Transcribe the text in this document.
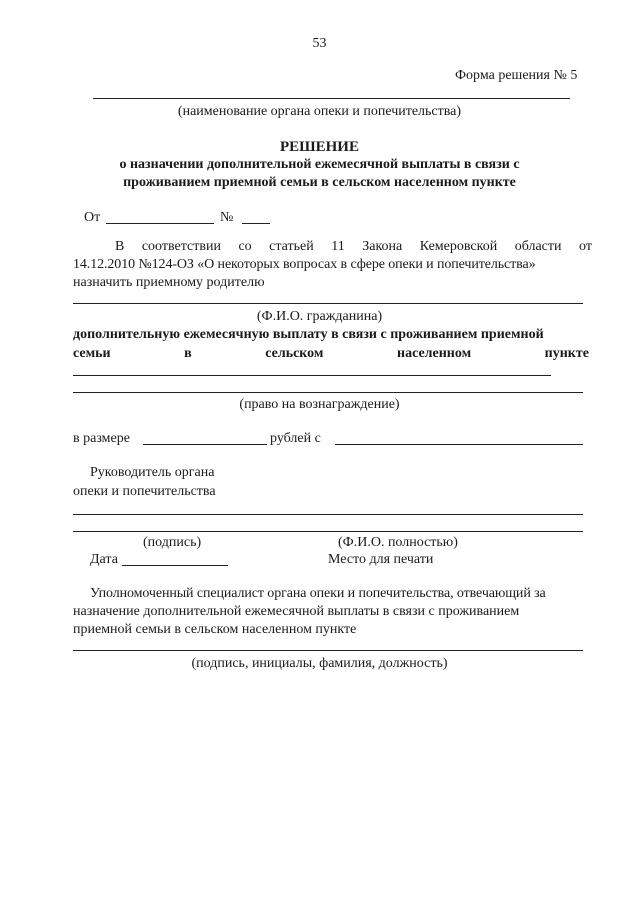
53
Форма решения № 5
(наименование органа опеки и попечительства)
РЕШЕНИЕ
о назначении дополнительной ежемесячной выплаты в связи с
проживанием приемной семьи в сельском населенном пункте
От	№
В соответствии со статьей 11 Закона Кемеровской области от
14.12.2010 №124-ОЗ «О некоторых вопросах в сфере опеки и попечительства»
назначить приемному родителю
(Ф.И.О. гражданина)
дополнительную ежемесячную выплату в связи с проживанием приемной
семьи	в	сельском	населенном	пункте
(право на вознаграждение)
в размере	рублей с
Руководитель органа
опеки и попечительства
(подпись)	(Ф.И.О. полностью)
Дата	Место для печати
Уполномоченный специалист органа опеки и попечительства, отвечающий за
назначение дополнительной ежемесячной выплаты в связи с проживанием
приемной семьи в сельском населенном пункте
(подпись, инициалы, фамилия, должность)
